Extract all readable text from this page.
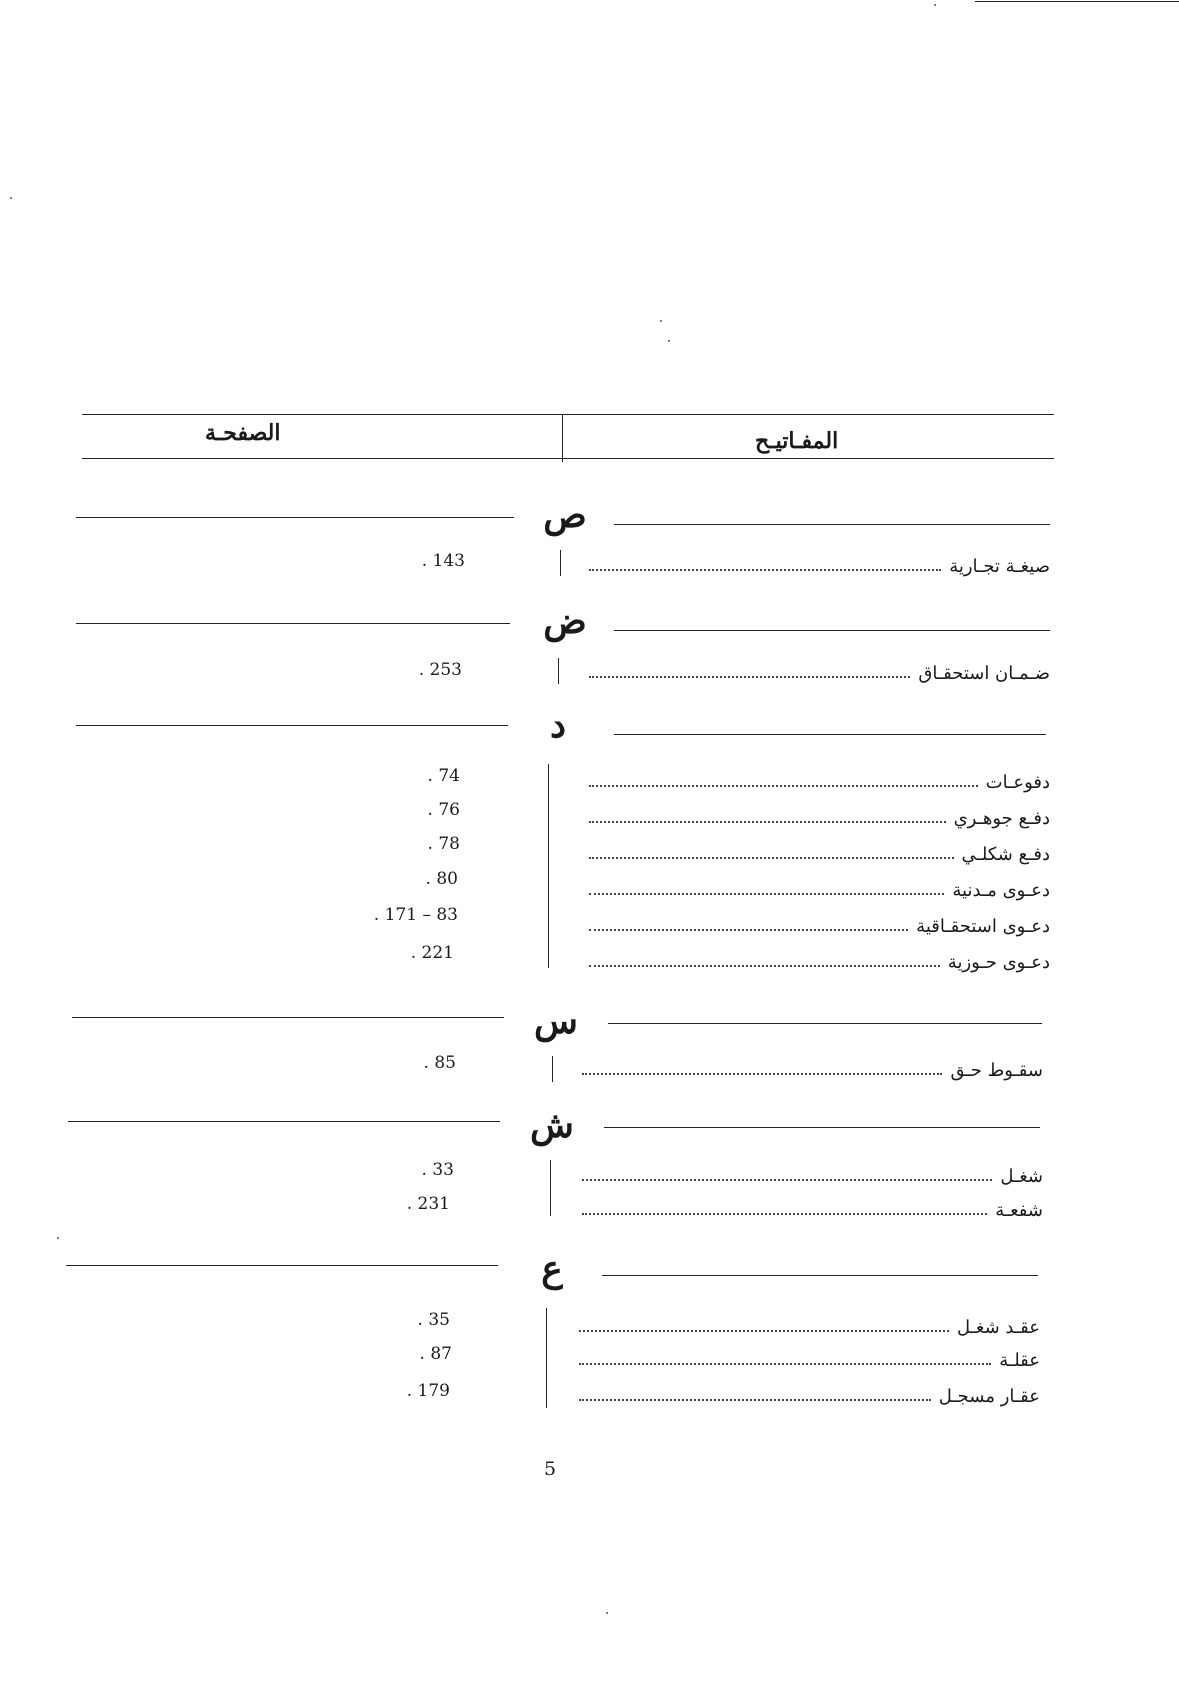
المفـاتيـح
الصفحـة
ص
صيغـة تجـارية
. 143
ض
ضـمـان استحقـاق
. 253
د
دفوعـات
. 74
دفـع جوهـري
. 76
دفـع شكلـي
. 78
دعـوى مـدنية
. 80
دعـوى استحقـاقية
. 171 – 83
دعـوى حـوزية
. 221
س
سقـوط حـق
. 85
ش
شغـل
. 33
شفعـة
. 231
ع
عقـد شغـل
. 35
عقلـة
. 87
عقـار مسجـل
. 179
5
